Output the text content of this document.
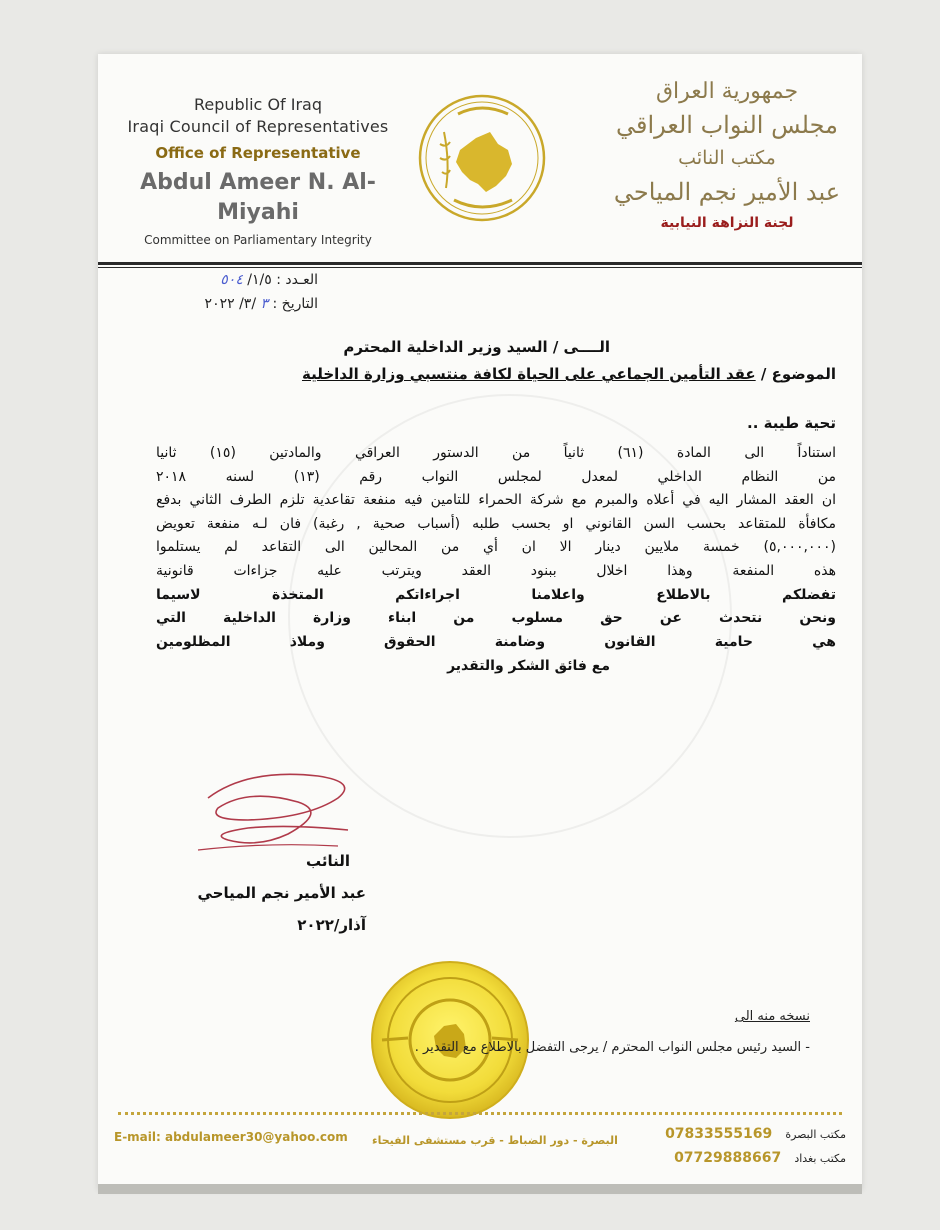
Republic Of Iraq
Iraqi Council of Representatives
Office of Representative
Abdul Ameer N. Al-Miyahi
Committee on Parliamentary Integrity
جمهورية العراق
مجلس النواب العراقي
مكتب النائب
عبد الأمير نجم المياحي
لجنة النزاهة النيابية
العـدد : ١/٥/ ٥٠٤
التاريخ : ٣ /٣/ ٢٠٢٢
الــــى / السيد وزير الداخلية المحترم
الموضوع / عقد التأمين الجماعي على الحياة لكافة منتسبي وزارة الداخلية
تحية طيبة ..

استناداً الى المادة (٦١) ثانياً من الدستور العراقي والمادتين (١٥) ثانيا

من النظام الداخلي لمعدل لمجلس النواب رقم (١٣) لسنه ٢٠١٨

ان العقد المشار اليه في أعلاه والمبرم مع شركة الحمراء للتامين فيه منفعة تقاعدية تلزم الطرف الثاني بدفع

مكافأة للمتقاعد بحسب السن القانوني او بحسب طلبه (أسباب صحية , رغبة) فان لـه منفعة تعويض

(٥,٠٠٠,٠٠٠) خمسة ملايين دينار الا ان أي من المحالين الى التقاعد لم يستلموا

هذه المنفعة وهذا اخلال ببنود العقد ويترتب عليه جزاءات قانونية

تفضلكم بالاطلاع واعلامنا اجراءاتكم المتخذة لاسيما

ونحن نتحدث عن حق مسلوب من ابناء وزارة الداخلية التي

هي حامية القانون وضامنة الحقوق وملاذ المظلومين

مع فائق الشكر والتقدير
النائب
عبد الأمير نجم المياحي
آذار/٢٠٢٢
نسخه منه الى
- السيد رئيس مجلس النواب المحترم / يرجى التفضل بالاطلاع مع التقدير .
E-mail: abdulameer30@yahoo.com البصرة - دور الضباط - قرب مستشفى الفيحاء	مكتب البصرة 07833555169
مكتب بغداد 07729888667
